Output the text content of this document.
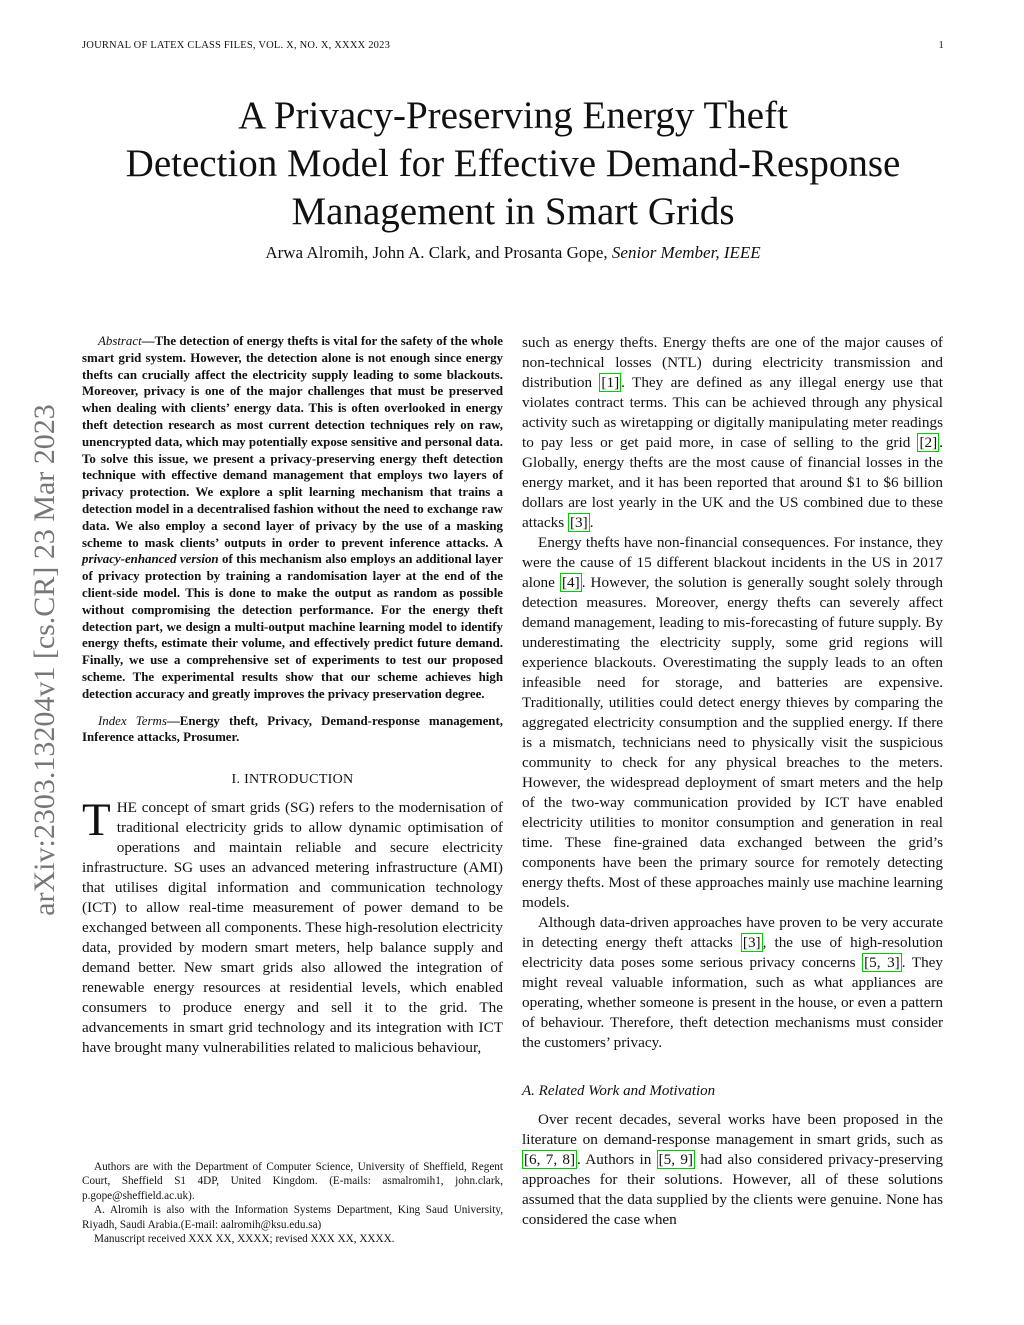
JOURNAL OF LATEX CLASS FILES, VOL. X, NO. X, XXXX 2023	1
arXiv:2303.13204v1 [cs.CR] 23 Mar 2023
A Privacy-Preserving Energy Theft
Detection Model for Effective Demand-Response
Management in Smart Grids
Arwa Alromih, John A. Clark, and Prosanta Gope, Senior Member, IEEE

Abstract—The detection of energy thefts is vital for the safety of the whole smart grid system. However, the detection alone is not enough since energy thefts can crucially affect the electricity supply leading to some blackouts. Moreover, privacy is one of the major challenges that must be preserved when dealing with clients’ energy data. This is often overlooked in energy theft detection research as most current detection techniques rely on raw, unencrypted data, which may potentially expose sensitive and personal data. To solve this issue, we present a privacy-preserving energy theft detection technique with effective demand management that employs two layers of privacy protection. We explore a split learning mechanism that trains a detection model in a decentralised fashion without the need to exchange raw data. We also employ a second layer of privacy by the use of a masking scheme to mask clients’ outputs in order to prevent inference attacks. A privacy-enhanced version of this mechanism also employs an additional layer of privacy protection by training a randomisation layer at the end of the client-side model. This is done to make the output as random as possible without compromising the detection performance. For the energy theft detection part, we design a multi-output machine learning model to identify energy thefts, estimate their volume, and effectively predict future demand. Finally, we use a comprehensive set of experiments to test our proposed scheme. The experimental results show that our scheme achieves high detection accuracy and greatly improves the privacy preservation degree.

Index Terms—Energy theft, Privacy, Demand-response management, Inference attacks, Prosumer.

I. INTRODUCTION

THE concept of smart grids (SG) refers to the modernisation of traditional electricity grids to allow dynamic optimisation of operations and maintain reliable and secure electricity infrastructure. SG uses an advanced metering infrastructure (AMI) that utilises digital information and communication technology (ICT) to allow real-time measurement of power demand to be exchanged between all components. These high-resolution electricity data, provided by modern smart meters, help balance supply and demand better. New smart grids also allowed the integration of renewable energy resources at residential levels, which enabled consumers to produce energy and sell it to the grid. The advancements in smart grid technology and its integration with ICT have brought many vulnerabilities related to malicious behaviour,

such as energy thefts. Energy thefts are one of the major causes of non-technical losses (NTL) during electricity transmission and distribution [1] . They are defined as any illegal energy use that violates contract terms. This can be achieved through any physical activity such as wiretapping or digitally manipulating meter readings to pay less or get paid more, in case of selling to the grid [2] . Globally, energy thefts are the most cause of financial losses in the energy market, and it has been reported that around $1 to $6 billion dollars are lost yearly in the UK and the US combined due to these attacks [3] .

Energy thefts have non-financial consequences. For instance, they were the cause of 15 different blackout incidents in the US in 2017 alone [4] . However, the solution is generally sought solely through detection measures. Moreover, energy thefts can severely affect demand management, leading to mis-forecasting of future supply. By underestimating the electricity supply, some grid regions will experience blackouts. Overestimating the supply leads to an often infeasible need for storage, and batteries are expensive. Traditionally, utilities could detect energy thieves by comparing the aggregated electricity consumption and the supplied energy. If there is a mismatch, technicians need to physically visit the suspicious community to check for any physical breaches to the meters. However, the widespread deployment of smart meters and the help of the two-way communication provided by ICT have enabled electricity utilities to monitor consumption and generation in real time. These fine-grained data exchanged between the grid’s components have been the primary source for remotely detecting energy thefts. Most of these approaches mainly use machine learning models.

Although data-driven approaches have proven to be very accurate in detecting energy theft attacks [3] , the use of high-resolution electricity data poses some serious privacy concerns [5, 3] . They might reveal valuable information, such as what appliances are operating, whether someone is present in the house, or even a pattern of behaviour. Therefore, theft detection mechanisms must consider the customers’ privacy.

A. Related Work and Motivation

Over recent decades, several works have been proposed in the literature on demand-response management in smart grids, such as [6, 7, 8] . Authors in [5, 9] had also considered privacy-preserving approaches for their solutions. However, all of these solutions assumed that the data supplied by the clients were genuine. None has considered the case when

Authors are with the Department of Computer Science, University of Sheffield, Regent Court, Sheffield S1 4DP, United Kingdom. (E-mails: asmalromih1, john.clark, p.gope@sheffield.ac.uk).

A. Alromih is also with the Information Systems Department, King Saud University, Riyadh, Saudi Arabia.(E-mail: aalromih@ksu.edu.sa)

Manuscript received XXX XX, XXXX; revised XXX XX, XXXX.
